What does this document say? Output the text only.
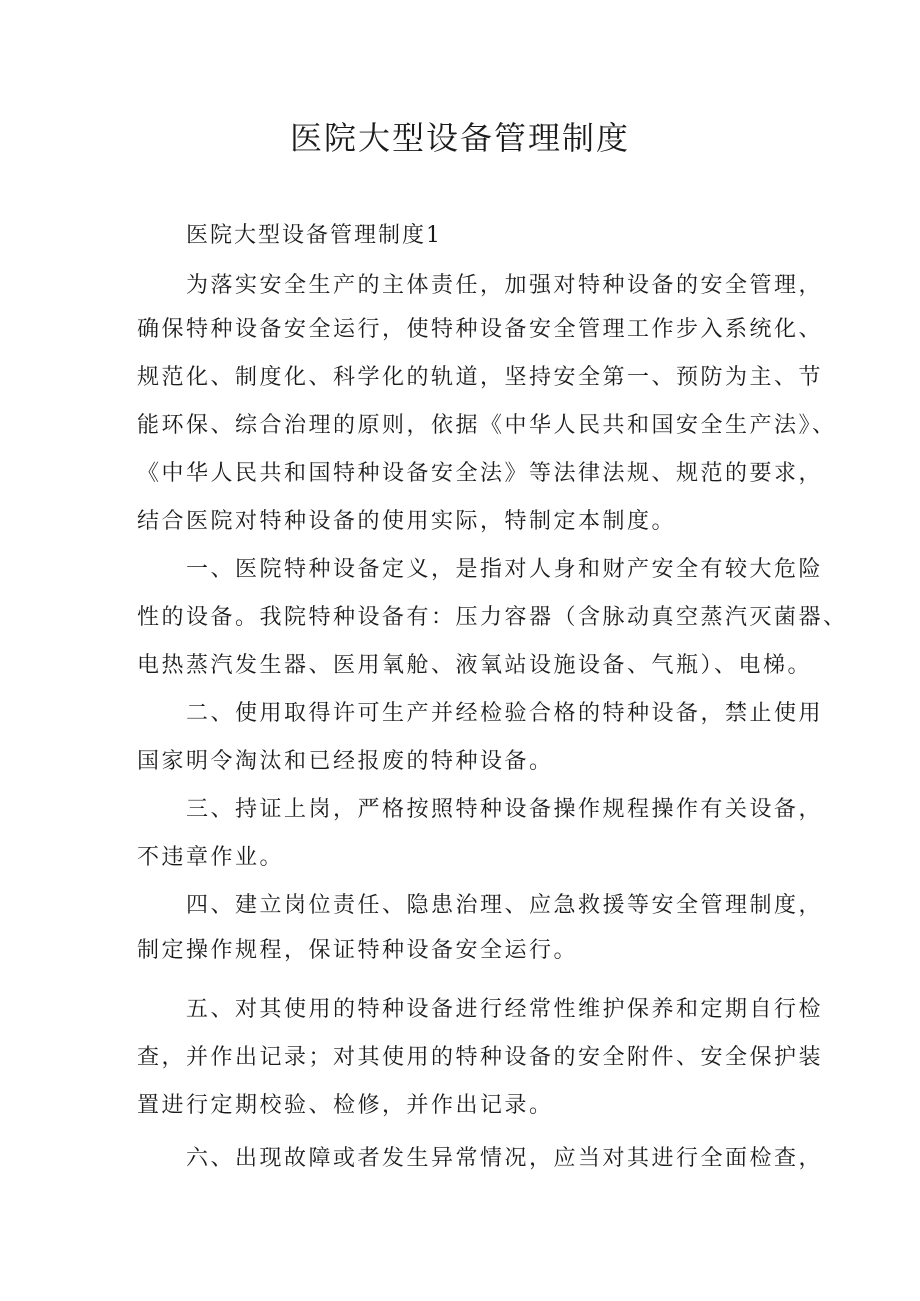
医院大型设备管理制度
医院大型设备管理制度1
为落实安全生产的主体责任，加强对特种设备的安全管理，
确保特种设备安全运行，使特种设备安全管理工作步入系统化、
规范化、制度化、科学化的轨道，坚持安全第一、预防为主、节
能环保、综合治理的原则，依据《中华人民共和国安全生产法》、
《中华人民共和国特种设备安全法》等法律法规、规范的要求，
结合医院对特种设备的使用实际，特制定本制度。
一、医院特种设备定义，是指对人身和财产安全有较大危险
性的设备。我院特种设备有：压力容器（含脉动真空蒸汽灭菌器、
电热蒸汽发生器、医用氧舱、液氧站设施设备、气瓶）、电梯。
二、使用取得许可生产并经检验合格的特种设备，禁止使用
国家明令淘汰和已经报废的特种设备。
三、持证上岗，严格按照特种设备操作规程操作有关设备，
不违章作业。
四、建立岗位责任、隐患治理、应急救援等安全管理制度，
制定操作规程，保证特种设备安全运行。
五、对其使用的特种设备进行经常性维护保养和定期自行检
查，并作出记录；对其使用的特种设备的安全附件、安全保护装
置进行定期校验、检修，并作出记录。
六、出现故障或者发生异常情况，应当对其进行全面检查，
